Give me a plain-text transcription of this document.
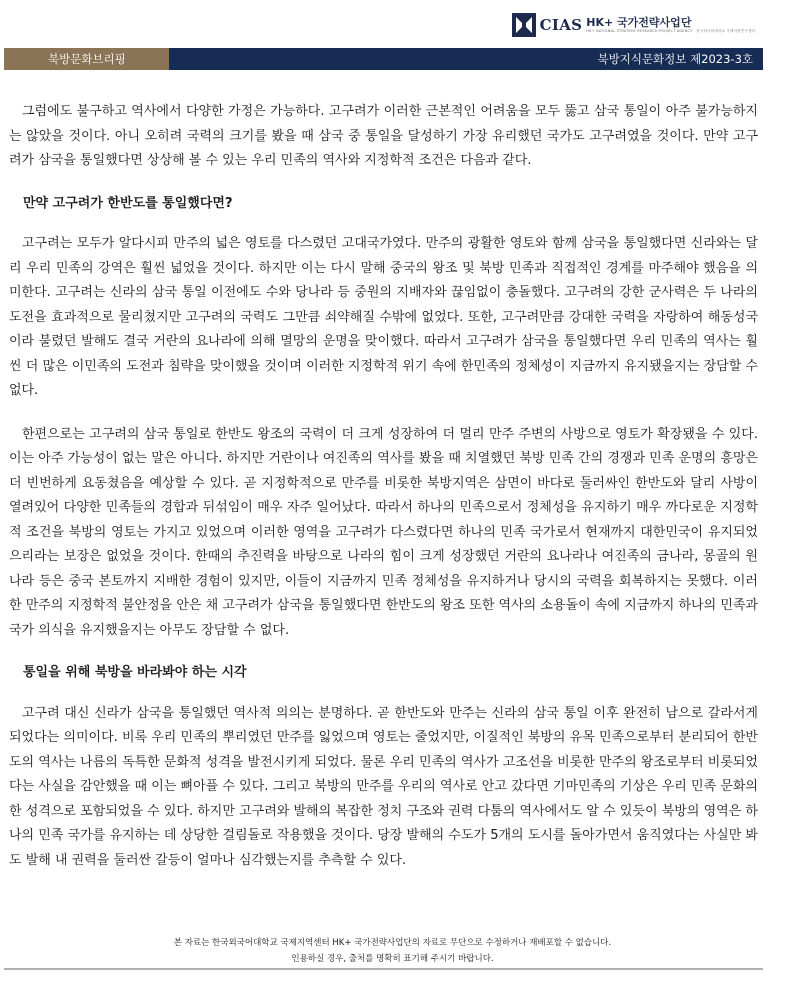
CIAS HK+ 국가전략사업단
HK+ NATIONAL STRATEGY RESEARCH PROJECT AGENCY · 한국외국어대학교 국제지역연구센터
북방문화브리핑	북방지식문화정보 제2023-3호

그럼에도 불구하고 역사에서 다양한 가정은 가능하다. 고구려가 이러한 근본적인 어려움을 모두 뚫고 삼국 통일이 아주 불가능하지는 않았을 것이다. 아니 오히려 국력의 크기를 봤을 때 삼국 중 통일을 달성하기 가장 유리했던 국가도 고구려였을 것이다. 만약 고구려가 삼국을 통일했다면 상상해 볼 수 있는 우리 민족의 역사와 지정학적 조건은 다음과 같다.

만약 고구려가 한반도를 통일했다면?

고구려는 모두가 알다시피 만주의 넓은 영토를 다스렸던 고대국가였다. 만주의 광활한 영토와 함께 삼국을 통일했다면 신라와는 달리 우리 민족의 강역은 훨씬 넓었을 것이다. 하지만 이는 다시 말해 중국의 왕조 및 북방 민족과 직접적인 경계를 마주해야 했음을 의미한다. 고구려는 신라의 삼국 통일 이전에도 수와 당나라 등 중원의 지배자와 끊임없이 충돌했다. 고구려의 강한 군사력은 두 나라의 도전을 효과적으로 물리쳤지만 고구려의 국력도 그만큼 쇠약해질 수밖에 없었다. 또한, 고구려만큼 강대한 국력을 자랑하여 해동성국이라 불렸던 발해도 결국 거란의 요나라에 의해 멸망의 운명을 맞이했다. 따라서 고구려가 삼국을 통일했다면 우리 민족의 역사는 훨씬 더 많은 이민족의 도전과 침략을 맞이했을 것이며 이러한 지정학적 위기 속에 한민족의 정체성이 지금까지 유지됐을지는 장담할 수 없다.

한편으로는 고구려의 삼국 통일로 한반도 왕조의 국력이 더 크게 성장하여 더 멀리 만주 주변의 사방으로 영토가 확장됐을 수 있다. 이는 아주 가능성이 없는 말은 아니다. 하지만 거란이나 여진족의 역사를 봤을 때 치열했던 북방 민족 간의 경쟁과 민족 운명의 흥망은 더 빈번하게 요동쳤음을 예상할 수 있다. 곧 지정학적으로 만주를 비롯한 북방지역은 삼면이 바다로 둘러싸인 한반도와 달리 사방이 열려있어 다양한 민족들의 경합과 뒤섞임이 매우 자주 일어났다. 따라서 하나의 민족으로서 정체성을 유지하기 매우 까다로운 지정학적 조건을 북방의 영토는 가지고 있었으며 이러한 영역을 고구려가 다스렸다면 하나의 민족 국가로서 현재까지 대한민국이 유지되었으리라는 보장은 없었을 것이다. 한때의 추진력을 바탕으로 나라의 힘이 크게 성장했던 거란의 요나라나 여진족의 금나라, 몽골의 원나라 등은 중국 본토까지 지배한 경험이 있지만, 이들이 지금까지 민족 정체성을 유지하거나 당시의 국력을 회복하지는 못했다. 이러한 만주의 지정학적 불안정을 안은 채 고구려가 삼국을 통일했다면 한반도의 왕조 또한 역사의 소용돌이 속에 지금까지 하나의 민족과 국가 의식을 유지했을지는 아무도 장담할 수 없다.

통일을 위해 북방을 바라봐야 하는 시각

고구려 대신 신라가 삼국을 통일했던 역사적 의의는 분명하다. 곧 한반도와 만주는 신라의 삼국 통일 이후 완전히 남으로 갈라서게 되었다는 의미이다. 비록 우리 민족의 뿌리였던 만주를 잃었으며 영토는 줄었지만, 이질적인 북방의 유목 민족으로부터 분리되어 한반도의 역사는 나름의 독특한 문화적 성격을 발전시키게 되었다. 물론 우리 민족의 역사가 고조선을 비롯한 만주의 왕조로부터 비롯되었다는 사실을 감안했을 때 이는 뼈아플 수 있다. 그리고 북방의 만주를 우리의 역사로 안고 갔다면 기마민족의 기상은 우리 민족 문화의 한 성격으로 포함되었을 수 있다. 하지만 고구려와 발해의 복잡한 정치 구조와 권력 다툼의 역사에서도 알 수 있듯이 북방의 영역은 하나의 민족 국가를 유지하는 데 상당한 걸림돌로 작용했을 것이다. 당장 발해의 수도가 5개의 도시를 돌아가면서 움직였다는 사실만 봐도 발해 내 권력을 둘러싼 갈등이 얼마나 심각했는지를 추측할 수 있다.

본 자료는 한국외국어대학교 국제지역센터 HK+ 국가전략사업단의 자료로 무단으로 수정하거나 재배포할 수 없습니다.
인용하실 경우, 출처를 명확히 표기해 주시기 바랍니다.
